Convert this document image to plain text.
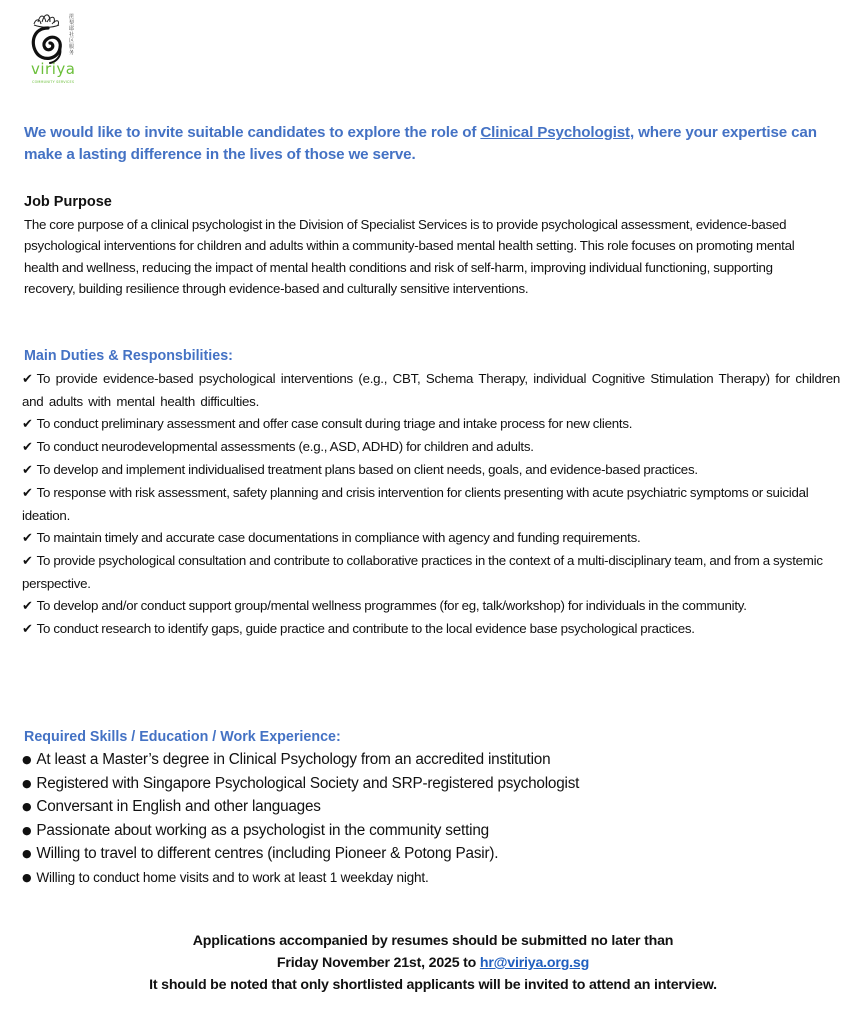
毘梨耶社区服务
viriya
COMMUNITY SERVICES
We would like to invite suitable candidates to explore the role of Clinical Psychologist, where your expertise can make a lasting difference in the lives of those we serve.
Job Purpose
The core purpose of a clinical psychologist in the Division of Specialist Services is to provide psychological assessment, evidence-based psychological interventions for children and adults within a community-based mental health setting. This role focuses on promoting mental health and wellness, reducing the impact of mental health conditions and risk of self-harm, improving individual functioning, supporting recovery, building resilience through evidence-based and culturally sensitive interventions.
Main Duties & Responsbilities:
✔ To provide evidence-based psychological interventions (e.g., CBT, Schema Therapy, individual Cognitive Stimulation Therapy) for children and adults with mental health difficulties.
✔ To conduct preliminary assessment and offer case consult during triage and intake process for new clients.
✔ To conduct neurodevelopmental assessments (e.g., ASD, ADHD) for children and adults.
✔ To develop and implement individualised treatment plans based on client needs, goals, and evidence-based practices.
✔ To response with risk assessment, safety planning and crisis intervention for clients presenting with acute psychiatric symptoms or suicidal ideation.
✔ To maintain timely and accurate case documentations in compliance with agency and funding requirements.
✔ To provide psychological consultation and contribute to collaborative practices in the context of a multi-disciplinary team, and from a systemic perspective.
✔ To develop and/or conduct support group/mental wellness programmes (for eg, talk/workshop) for individuals in the community.
✔ To conduct research to identify gaps, guide practice and contribute to the local evidence base psychological practices.
Required Skills / Education / Work Experience:
● At least a Master’s degree in Clinical Psychology from an accredited institution
● Registered with Singapore Psychological Society and SRP-registered psychologist
● Conversant in English and other languages
● Passionate about working as a psychologist in the community setting
● Willing to travel to different centres (including Pioneer & Potong Pasir).
● Willing to conduct home visits and to work at least 1 weekday night.
Applications accompanied by resumes should be submitted no later than
Friday November 21st, 2025 to hr@viriya.org.sg
It should be noted that only shortlisted applicants will be invited to attend an interview.
